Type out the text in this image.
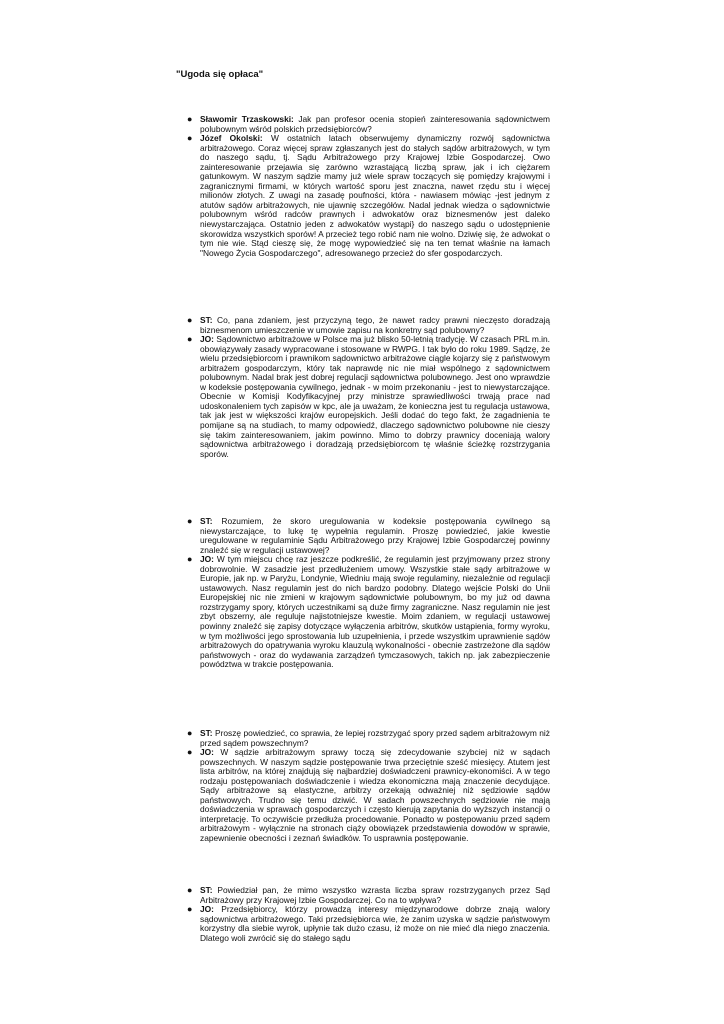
"Ugoda się opłaca"
● Sławomir Trzaskowski: Jak pan profesor ocenia stopień zainteresowania sądownictwem polubownym wśród polskich przedsiębiorców?
● Józef Okolski: W ostatnich latach obserwujemy dynamiczny rozwój sądownictwa arbitrażowego. Coraz więcej spraw zgłaszanych jest do stałych sądów arbitrażowych, w tym do naszego sądu, tj. Sądu Arbitrażowego przy Krajowej Izbie Gospodarczej. Owo zainteresowanie przejawia się zarówno wzrastającą liczbą spraw, jak i ich ciężarem gatunkowym. W naszym sądzie mamy już wiele spraw toczących się pomiędzy krajowymi i zagranicznymi firmami, w których wartość sporu jest znaczna, nawet rzędu stu i więcej milionów złotych. Z uwagi na zasadę poufności, która - nawiasem mówiąc -jest jednym z atutów sądów arbitrażowych, nie ujawnię szczegółów. Nadal jednak wiedza o sądownictwie polubownym wśród radców prawnych i adwokatów oraz biznesmenów jest daleko niewystarczająca. Ostatnio jeden z adwokatów wystąpi} do naszego sądu o udostępnienie skorowidza wszystkich sporów! A przecież tego robić nam nie wolno. Dziwię się, że adwokat o tym nie wie. Stąd cieszę się, że mogę wypowiedzieć się na ten temat właśnie na łamach "Nowego Życia Gospodarczego", adresowanego przecież do sfer gospodarczych.
● ST: Co, pana zdaniem, jest przyczyną tego, że nawet radcy prawni nieczęsto doradzają biznesmenom umieszczenie w umowie zapisu na konkretny sąd polubowny?
● JO: Sądownictwo arbitrażowe w Polsce ma już blisko 50-letnią tradycję. W czasach PRL m.in. obowiązywały zasady wypracowane i stosowane w RWPG. I tak było do roku 1989. Sądzę, że wielu przedsiębiorcom i prawnikom sądownictwo arbitrażowe ciągle kojarzy się z państwowym arbitrażem gospodarczym, który tak naprawdę nic nie miał wspólnego z sądownictwem polubownym. Nadal brak jest dobrej regulacji sądownictwa polubownego. Jest ono wprawdzie w kodeksie postępowania cywilnego, jednak - w moim przekonaniu - jest to niewystarczające. Obecnie w Komisji Kodyfikacyjnej przy ministrze sprawiedliwości trwają prace nad udoskonaleniem tych zapisów w kpc, ale ja uważam, że konieczna jest tu regulacja ustawowa, tak jak jest w większości krajów europejskich. Jeśli dodać do tego fakt, że zagadnienia te pomijane są na studiach, to mamy odpowiedź, dlaczego sądownictwo polubowne nie cieszy się takim zainteresowaniem, jakim powinno. Mimo to dobrzy prawnicy doceniają walory sądownictwa arbitrażowego i doradzają przedsiębiorcom tę właśnie ścieżkę rozstrzygania sporów.
● ST: Rozumiem, że skoro uregulowania w kodeksie postępowania cywilnego są niewystarczające, to lukę tę wypełnia regulamin. Proszę powiedzieć, jakie kwestie uregulowane w regulaminie Sądu Arbitrażowego przy Krajowej Izbie Gospodarczej powinny znaleźć się w regulacji ustawowej?
● JO: W tym miejscu chcę raz jeszcze podkreślić, że regulamin jest przyjmowany przez strony dobrowolnie. W zasadzie jest przedłużeniem umowy. Wszystkie stałe sądy arbitrażowe w Europie, jak np. w Paryżu, Londynie, Wiedniu mają swoje regulaminy, niezależnie od regulacji ustawowych. Nasz regulamin jest do nich bardzo podobny. Dlatego wejście Polski do Unii Europejskiej nic nie zmieni w krajowym sądownictwie polubownym, bo my już od dawna rozstrzygamy spory, których uczestnikami są duże firmy zagraniczne. Nasz regulamin nie jest zbyt obszerny, ale reguluje najistotniejsze kwestie. Moim zdaniem, w regulacji ustawowej powinny znaleźć się zapisy dotyczące wyłączenia arbitrów, skutków ustąpienia, formy wyroku, w tym możliwości jego sprostowania lub uzupełnienia, i przede wszystkim uprawnienie sądów arbitrażowych do opatrywania wyroku klauzulą wykonalności - obecnie zastrzeżone dla sądów państwowych - oraz do wydawania zarządzeń tymczasowych, takich np. jak zabezpieczenie powództwa w trakcie postępowania.
● ST: Proszę powiedzieć, co sprawia, że lepiej rozstrzygać spory przed sądem arbitrażowym niż przed sądem powszechnym?
● JO: W sądzie arbitrażowym sprawy toczą się zdecydowanie szybciej niż w sądach powszechnych. W naszym sądzie postępowanie trwa przeciętnie sześć miesięcy. Atutem jest lista arbitrów, na której znajdują się najbardziej doświadczeni prawnicy-ekonomiści. A w tego rodzaju postępowaniach doświadczenie i wiedza ekonomiczna mają znaczenie decydujące. Sądy arbitrażowe są elastyczne, arbitrzy orzekają odważniej niż sędziowie sądów państwowych. Trudno się temu dziwić. W sadach powszechnych sędziowie nie mają doświadczenia w sprawach gospodarczych i często kierują zapytania do wyższych instancji o interpretację. To oczywiście przedłuża procedowanie. Ponadto w postępowaniu przed sądem arbitrażowym - wyłącznie na stronach ciąży obowiązek przedstawienia dowodów w sprawie, zapewnienie obecności i zeznań świadków. To usprawnia postępowanie.
● ST: Powiedział pan, że mimo wszystko wzrasta liczba spraw rozstrzyganych przez Sąd Arbitrażowy przy Krajowej Izbie Gospodarczej. Co na to wpływa?
● JO: Przedsiębiorcy, którzy prowadzą interesy międzynarodowe dobrze znają walory sądownictwa arbitrażowego. Taki przedsiębiorca wie, że zanim uzyska w sądzie państwowym korzystny dla siebie wyrok, upłynie tak dużo czasu, iż może on nie mieć dla niego znaczenia. Dlatego woli zwrócić się do stałego sądu
